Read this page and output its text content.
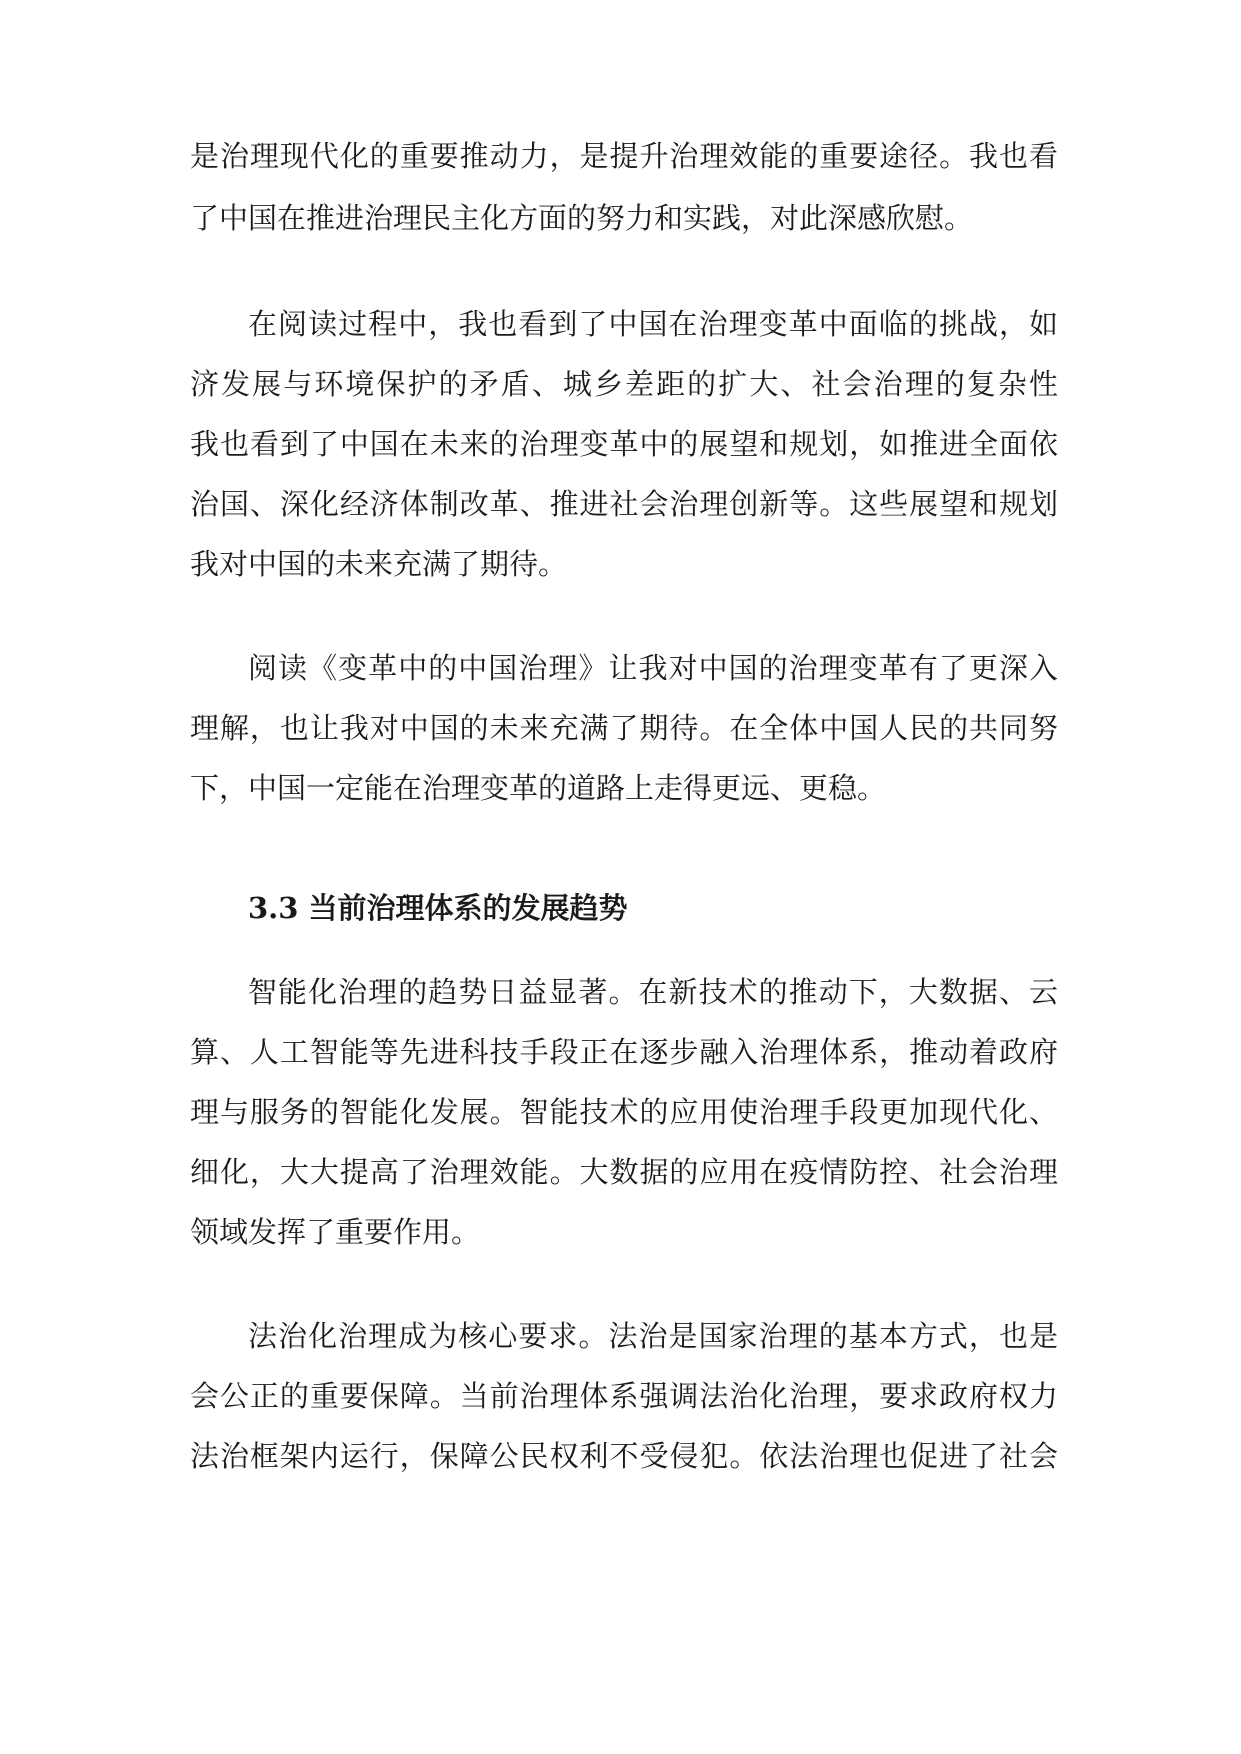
是治理现代化的重要推动力，是提升治理效能的重要途径。我也看
了中国在推进治理民主化方面的努力和实践，对此深感欣慰。
在阅读过程中，我也看到了中国在治理变革中面临的挑战，如
济发展与环境保护的矛盾、城乡差距的扩大、社会治理的复杂性
我也看到了中国在未来的治理变革中的展望和规划，如推进全面依
治国、深化经济体制改革、推进社会治理创新等。这些展望和规划
我对中国的未来充满了期待。
阅读《变革中的中国治理》让我对中国的治理变革有了更深入
理解，也让我对中国的未来充满了期待。在全体中国人民的共同努
下，中国一定能在治理变革的道路上走得更远、更稳。
3.3 当前治理体系的发展趋势
智能化治理的趋势日益显著。在新技术的推动下，大数据、云
算、人工智能等先进科技手段正在逐步融入治理体系，推动着政府
理与服务的智能化发展。智能技术的应用使治理手段更加现代化、
细化，大大提高了治理效能。大数据的应用在疫情防控、社会治理
领域发挥了重要作用。
法治化治理成为核心要求。法治是国家治理的基本方式，也是
会公正的重要保障。当前治理体系强调法治化治理，要求政府权力
法治框架内运行，保障公民权利不受侵犯。依法治理也促进了社会
